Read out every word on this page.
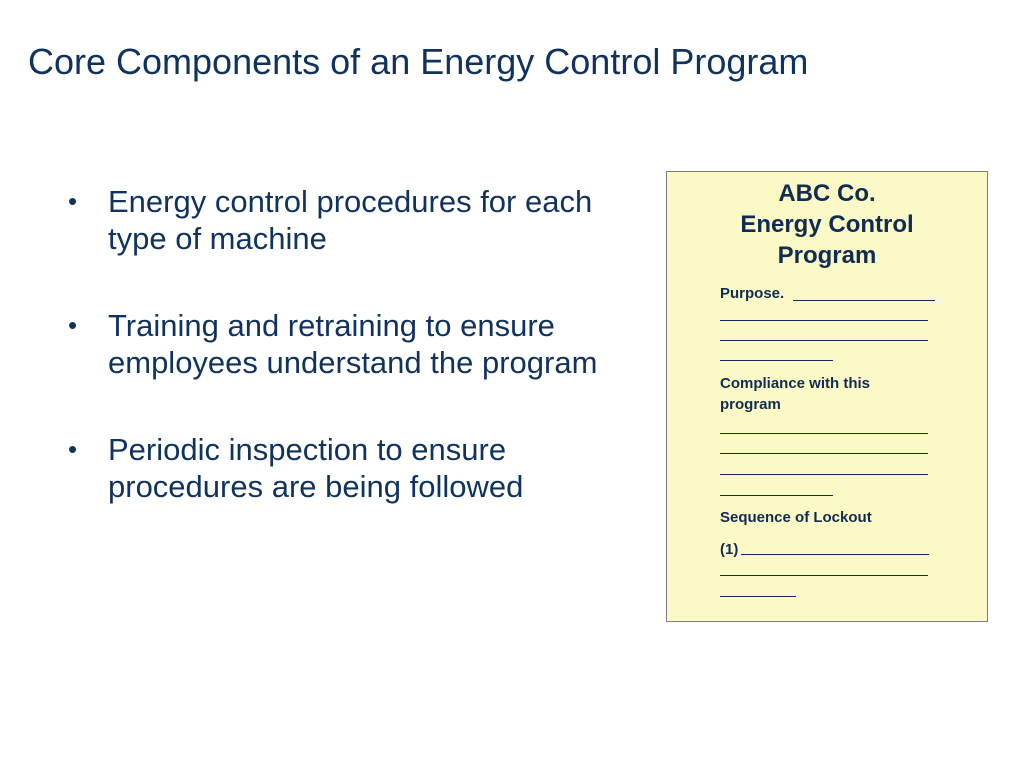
Core Components of an Energy Control Program
• Energy control procedures for each type of machine
• Training and retraining to ensure employees understand the program
• Periodic inspection to ensure procedures are being followed
ABC Co.
Energy Control
Program
Purpose.
Compliance with this
program
Sequence of Lockout
(1)
